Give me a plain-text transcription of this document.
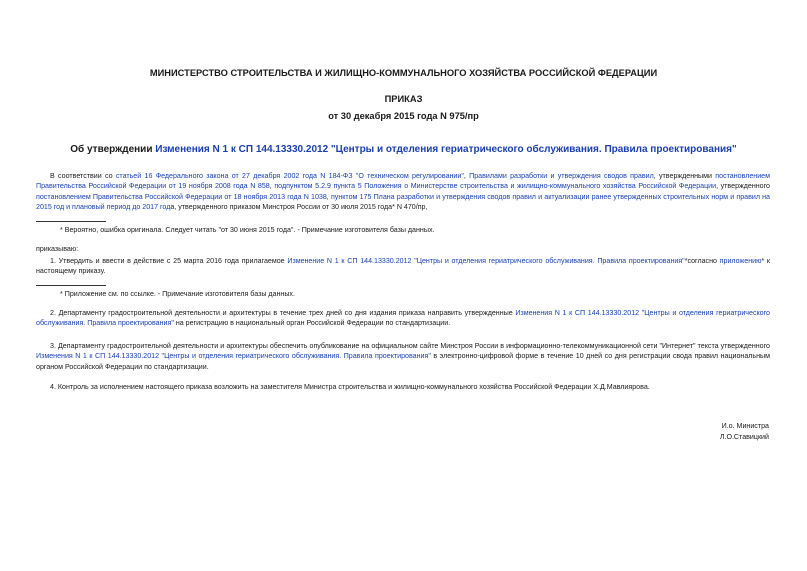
МИНИСТЕРСТВО СТРОИТЕЛЬСТВА И ЖИЛИЩНО-КОММУНАЛЬНОГО ХОЗЯЙСТВА РОССИЙСКОЙ ФЕДЕРАЦИИ
ПРИКАЗ
от 30 декабря 2015 года N 975/пр
Об утверждении Изменения N 1 к СП 144.13330.2012 "Центры и отделения гериатрического обслуживания. Правила проектирования"
В соответствии со статьей 16 Федерального закона от 27 декабря 2002 года N 184-ФЗ "О техническом регулировании", Правилами разработки и утверждения сводов правил, утвержденными постановлением Правительства Российской Федерации от 19 ноября 2008 года N 858, подпунктом 5.2.9 пункта 5 Положения о Министерстве строительства и жилищно-коммунального хозяйства Российской Федерации, утвержденного постановлением Правительства Российской Федерации от 18 ноября 2013 года N 1038, пунктом 175 Плана разработки и утверждения сводов правил и актуализации ранее утвержденных строительных норм и правил на 2015 год и плановый период до 2017 года, утвержденного приказом Минстроя России от 30 июля 2015 года* N 470/пр,
* Вероятно, ошибка оригинала. Следует читать "от 30 июня 2015 года". - Примечание изготовителя базы данных.
приказываю:
1. Утвердить и ввести в действие с 25 марта 2016 года прилагаемое Изменение N 1 к СП 144.13330.2012 "Центры и отделения гериатрического обслуживания. Правила проектирования"*согласно приложению* к настоящему приказу.
* Приложение см. по ссылке. - Примечание изготовителя базы данных.
2. Департаменту градостроительной деятельности и архитектуры в течение трех дней со дня издания приказа направить утвержденные Изменения N 1 к СП 144.13330.2012 "Центры и отделения гериатрического обслуживания. Правила проектирования" на регистрацию в национальный орган Российской Федерации по стандартизации.
3. Департаменту градостроительной деятельности и архитектуры обеспечить опубликование на официальном сайте Минстроя России в информационно-телекоммуникационной сети "Интернет" текста утвержденного Изменения N 1 к СП 144.13330.2012 "Центры и отделения гериатрического обслуживания. Правила проектирования" в электронно-цифровой форме в течение 10 дней со дня регистрации свода правил национальным органом Российской Федерации по стандартизации.
4. Контроль за исполнением настоящего приказа возложить на заместителя Министра строительства и жилищно-коммунального хозяйства Российской Федерации Х.Д.Мавлиярова.
И.о. Министра
Л.О.Ставицкий
